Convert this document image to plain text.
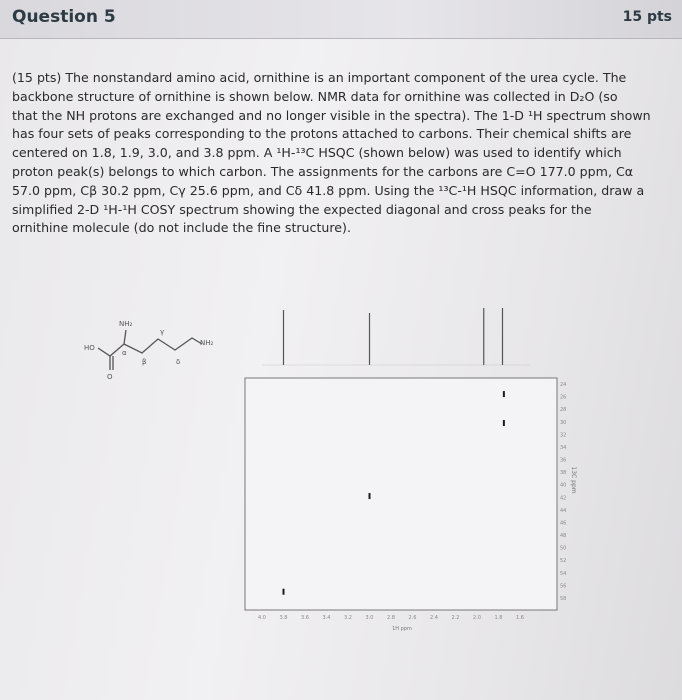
Question 5	15 pts
(15 pts) The nonstandard amino acid, ornithine is an important component of the urea cycle. The
backbone structure of ornithine is shown below. NMR data for ornithine was collected in D₂O (so
that the NH protons are exchanged and no longer visible in the spectra). The 1-D ¹H spectrum shown
has four sets of peaks corresponding to the protons attached to carbons. Their chemical shifts are
centered on 1.8, 1.9, 3.0, and 3.8 ppm. A ¹H-¹³C HSQC (shown below) was used to identify which
proton peak(s) belongs to which carbon. The assignments for the carbons are C=O 177.0 ppm, Cα
57.0 ppm, Cβ 30.2 ppm, Cγ 25.6 ppm, and Cδ 41.8 ppm. Using the ¹³C-¹H HSQC information, draw a
simplified 2-D ¹H-¹H COSY spectrum showing the expected diagonal and cross peaks for the
ornithine molecule (do not include the fine structure).
NH₂
HO
NH₂
O
α
β
γ
δ
4.0	3.8	3.6	3.4	3.2	3.0	2.8	2.6	2.4	2.2	2.0	1.8	1.6
24
26
28
30
32
34
36
38
40
42
44
46
48
50
52
54
56
58
1H ppm
13C ppm
